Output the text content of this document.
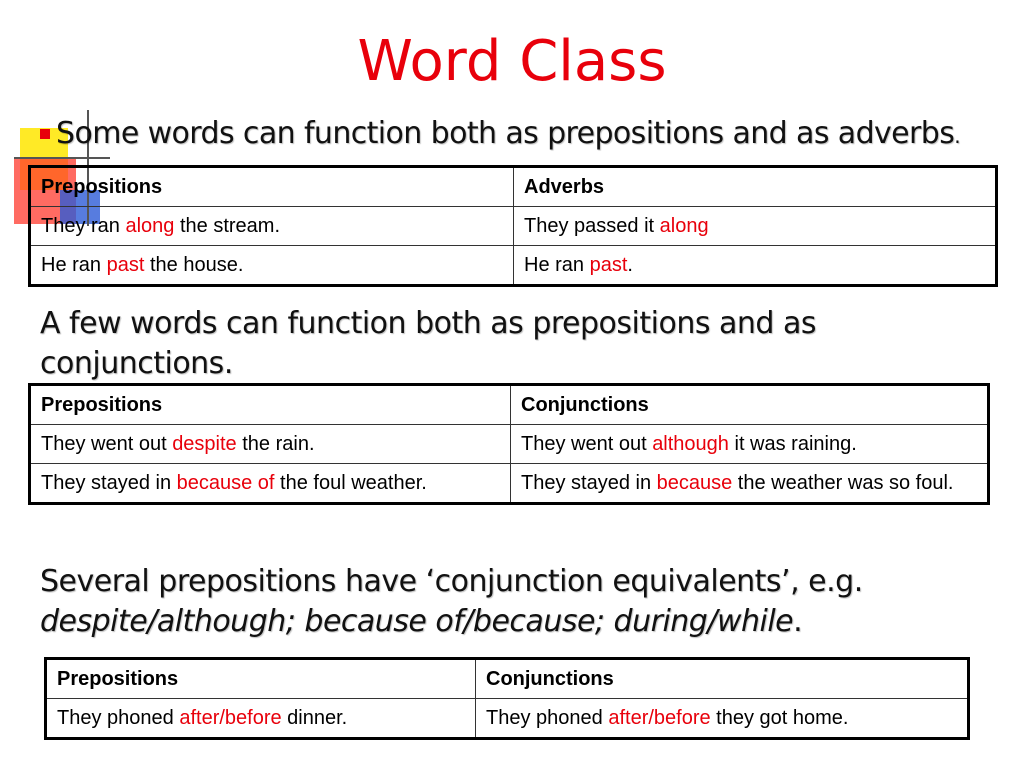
Word Class
Some words can function both as prepositions and as adverbs.
Prepositions	Adverbs
They ran along the stream.	They passed it along
He ran past the house.	He ran past.
A few words can function both as prepositions and as conjunctions.
Prepositions	Conjunctions
They went out despite the rain.	They went out although it was raining.
They stayed in because of the foul weather.	They stayed in because the weather was so foul.
Several prepositions have ‘conjunction equivalents’, e.g.
despite/although; because of/because; during/while.
Prepositions	Conjunctions
They phoned after/before dinner.	They phoned after/before they got home.
